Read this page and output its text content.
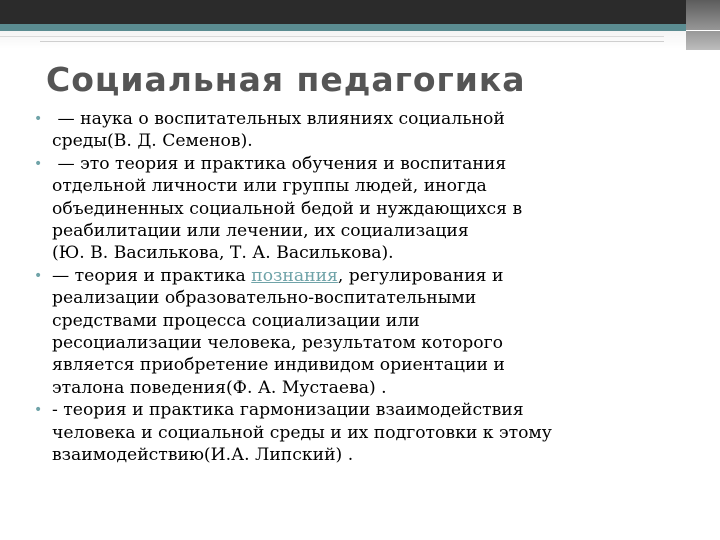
Социальная педагогика
• — наука о воспитательных влияниях социальной
среды(В. Д. Семенов).
• — это теория и практика обучения и воспитания
отдельной личности или группы людей, иногда
объединенных социальной бедой и нуждающихся в
реабилитации или лечении, их социализация
(Ю. В. Василькова, Т. А. Василькова).
• — теория и практика познания, регулирования и
реализации образовательно-воспитательными
средствами процесса социализации или
ресоциализации человека, результатом которого
является приобретение индивидом ориентации и
эталона поведения(Ф. А. Мустаева) .
• - теория и практика гармонизации взаимодействия
человека и социальной среды и их подготовки к этому
взаимодействию(И.А. Липский) .
